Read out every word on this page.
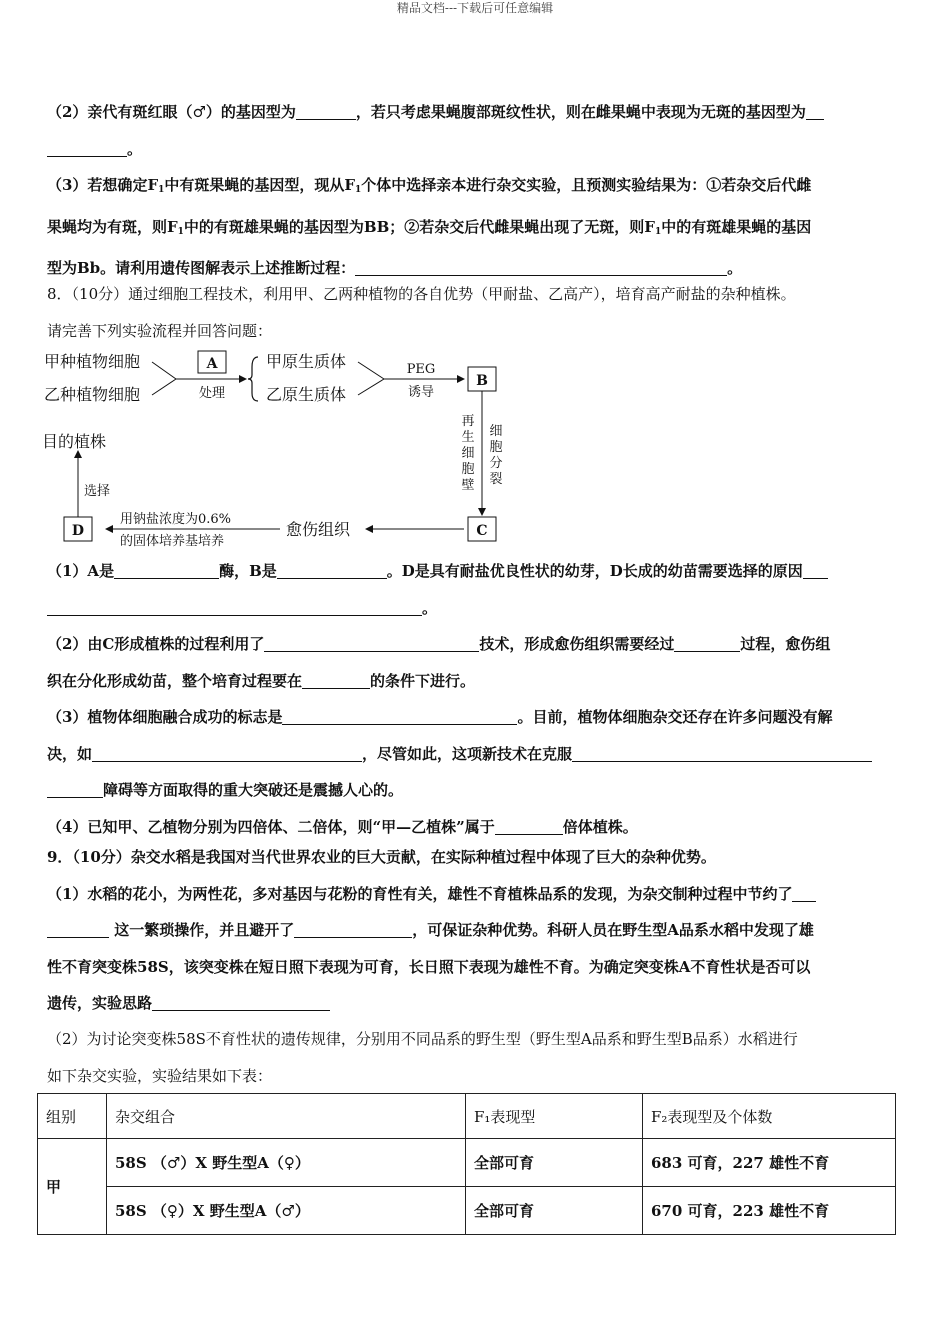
精品文档---下载后可任意编辑

（2）亲代有斑红眼（♂）的基因型为	，若只考虑果蝇腹部斑纹性状，则在雌果蝇中表现为无斑的基因型为

。

（3）若想确定$F_1$中有斑果蝇的基因型，现从$F_1$个体中选择亲本进行杂交实验，且预测实验结果为：①若杂交后代雌

果蝇均为有斑，则$F_1$中的有斑雄果蝇的基因型为BB；②若杂交后代雌果蝇出现了无斑，则$F_1$中的有斑雄果蝇的基因

型为Bb。请利用遗传图解表示上述推断过程：	。

8．（10分）通过细胞工程技术，利用甲、乙两种植物的各自优势（甲耐盐、乙高产），培育高产耐盐的杂种植株。

请完善下列实验流程并回答问题：

甲种植物细胞
乙种植物细胞
A
处理
甲原生质体
乙原生质体
PEG
诱导
B
再
生
细
胞
壁
细
胞
分
裂
C
愈伤组织
用钠盐浓度为0.6%
的固体培养基培养
D
选择
目的植株

（1）A是	酶，B是	。D是具有耐盐优良性状的幼芽，D长成的幼苗需要选择的原因

。

（2）由C形成植株的过程利用了	技术，形成愈伤组织需要经过	过程，愈伤组

织在分化形成幼苗，整个培育过程要在	的条件下进行。

（3）植物体细胞融合成功的标志是	。目前，植物体细胞杂交还存在许多问题没有解

决，如	，尽管如此，这项新技术在克服

障碍等方面取得的重大突破还是震撼人心的。

（4）已知甲、乙植物分别为四倍体、二倍体，则“甲—乙植株”属于	倍体植株。

9．（10分）杂交水稻是我国对当代世界农业的巨大贡献，在实际种植过程中体现了巨大的杂种优势。

（1）水稻的花小，为两性花，多对基因与花粉的育性有关，雄性不育植株品系的发现，为杂交制种过程中节约了

这一繁琐操作，并且避开了	，可保证杂种优势。科研人员在野生型A品系水稻中发现了雄

性不育突变株58S，该突变株在短日照下表现为可育，长日照下表现为雄性不育。为确定突变株A不育性状是否可以

遗传，实验思路

（2）为讨论突变株58S不育性状的遗传规律，分别用不同品系的野生型（野生型A品系和野生型B品系）水稻进行

如下杂交实验，实验结果如下表：

组别	杂交组合	F₁表现型	F₂表现型及个体数
甲	58S （♂）X 野生型A（♀）	全部可育	683 可育，227 雄性不育
	58S （♀）X 野生型A（♂）	全部可育	670 可育，223 雄性不育
